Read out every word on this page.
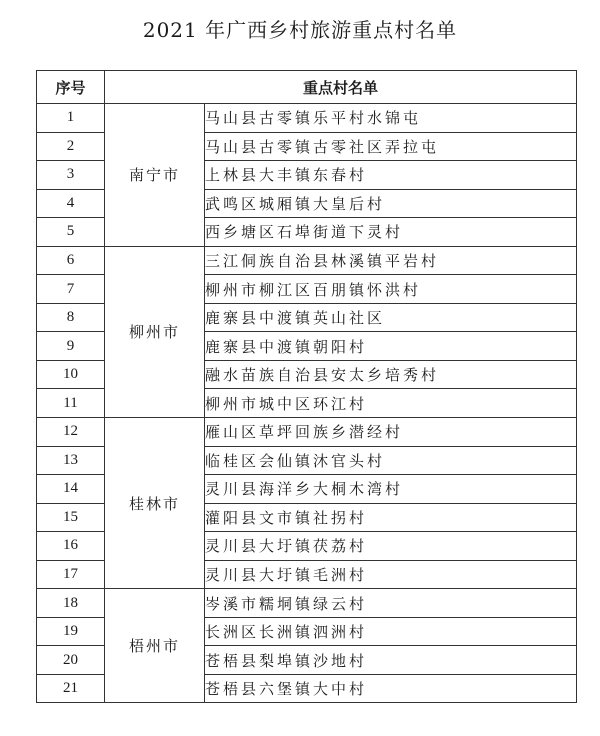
2021 年广西乡村旅游重点村名单
序号	重点村名单	
1	南宁市	马山县古零镇乐平村水锦屯
2		马山县古零镇古零社区弄拉屯
3		上林县大丰镇东春村
4		武鸣区城厢镇大皇后村
5		西乡塘区石埠街道下灵村
6	柳州市	三江侗族自治县林溪镇平岩村
7		柳州市柳江区百朋镇怀洪村
8		鹿寨县中渡镇英山社区
9		鹿寨县中渡镇朝阳村
10		融水苗族自治县安太乡培秀村
11		柳州市城中区环江村
12	桂林市	雁山区草坪回族乡潜经村
13		临桂区会仙镇沐官头村
14		灵川县海洋乡大桐木湾村
15		灌阳县文市镇社拐村
16		灵川县大圩镇茯荔村
17		灵川县大圩镇毛洲村
18	梧州市	岑溪市糯垌镇绿云村
19		长洲区长洲镇泗洲村
20		苍梧县梨埠镇沙地村
21		苍梧县六堡镇大中村
